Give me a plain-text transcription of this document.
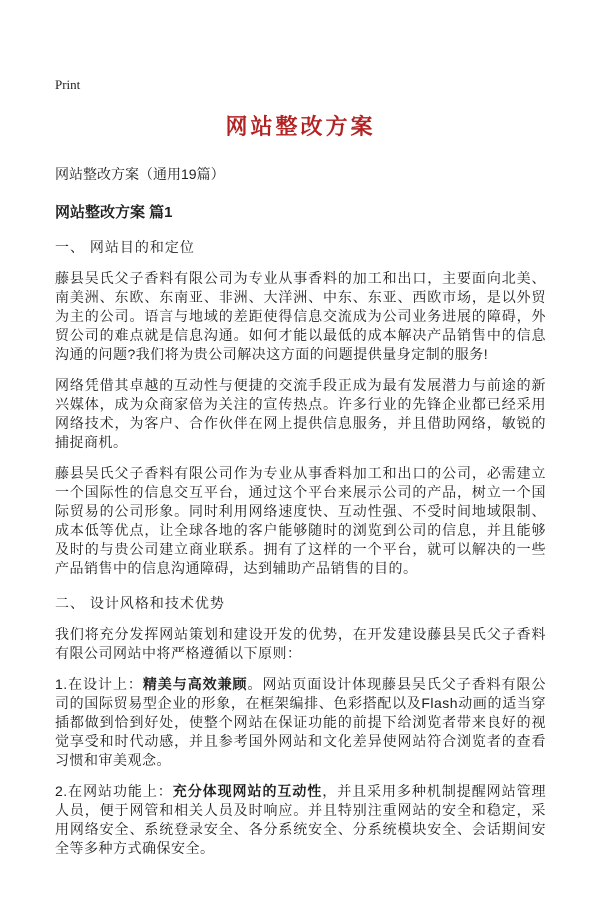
Print
网站整改方案
网站整改方案（通用19篇）
网站整改方案 篇1

一、 网站目的和定位

藤县吴氏父子香料有限公司为专业从事香料的加工和出口，主要面向北美、南美洲、东欧、东南亚、非洲、大洋洲、中东、东亚、西欧市场，是以外贸为主的公司。语言与地域的差距使得信息交流成为公司业务进展的障碍，外贸公司的难点就是信息沟通。如何才能以最低的成本解决产品销售中的信息沟通的问题?我们将为贵公司解决这方面的问题提供量身定制的服务!

网络凭借其卓越的互动性与便捷的交流手段正成为最有发展潜力与前途的新兴媒体，成为众商家倍为关注的宣传热点。许多行业的先锋企业都已经采用网络技术，为客户、合作伙伴在网上提供信息服务，并且借助网络，敏锐的捕捉商机。

藤县吴氏父子香料有限公司作为专业从事香料加工和出口的公司，必需建立一个国际性的信息交互平台，通过这个平台来展示公司的产品，树立一个国际贸易的公司形象。同时利用网络速度快、互动性强、不受时间地域限制、成本低等优点，让全球各地的客户能够随时的浏览到公司的信息，并且能够及时的与贵公司建立商业联系。拥有了这样的一个平台，就可以解决的一些产品销售中的信息沟通障碍，达到辅助产品销售的目的。

二、 设计风格和技术优势

我们将充分发挥网站策划和建设开发的优势，在开发建设藤县吴氏父子香料有限公司网站中将严格遵循以下原则：

1.在设计上：精美与高效兼顾。网站页面设计体现藤县吴氏父子香料有限公司的国际贸易型企业的形象，在框架编排、色彩搭配以及Flash动画的适当穿插都做到恰到好处，使整个网站在保证功能的前提下给浏览者带来良好的视觉享受和时代动感，并且参考国外网站和文化差异使网站符合浏览者的查看习惯和审美观念。

2.在网站功能上：充分体现网站的互动性，并且采用多种机制提醒网站管理人员，便于网管和相关人员及时响应。并且特别注重网站的安全和稳定，采用网络安全、系统登录安全、各分系统安全、分系统模块安全、会话期间安全等多种方式确保安全。
